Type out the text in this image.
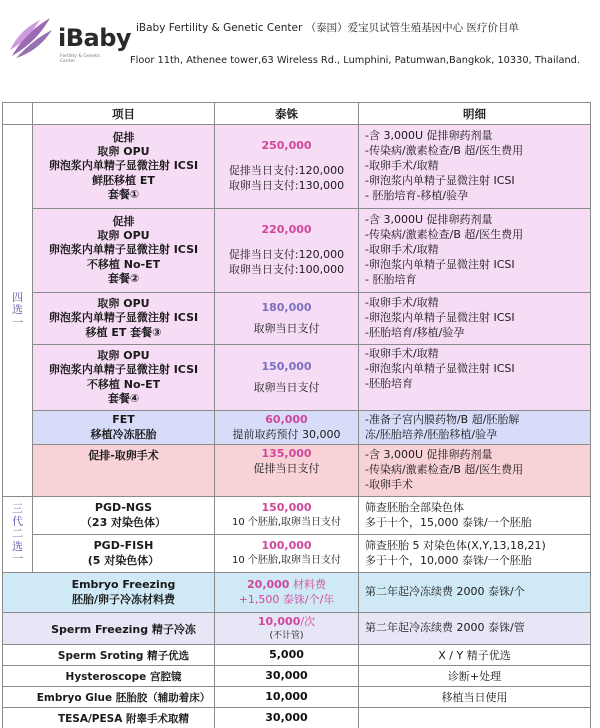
iBaby
Fertility & Genetic Center
iBaby Fertility & Genetic Center （泰国）爱宝贝试管生殖基因中心 医疗价目单
Floor 11th, Athenee tower,63 Wireless Rd., Lumphini, Patumwan,Bangkok, 10330, Thailand.
	项目	泰铢	明细

四
选
一	促排
取卵 OPU
卵泡浆内单精子显微注射 ICSI
鲜胚移植 ET
套餐①	250,000
促排当日支付:120,000
取卵当日支付:130,000	-含 3,000U 促排卵药剂量
-传染病/激素检查/B 超/医生费用
-取卵手术/取精
-卵泡浆内单精子显微注射 ICSI
- 胚胎培育-移植/验孕

	促排
取卵 OPU
卵泡浆内单精子显微注射 ICSI
不移植 No-ET
套餐②	220,000
促排当日支付:120,000
取卵当日支付:100,000	-含 3,000U 促排卵药剂量
-传染病/激素检查/B 超/医生费用
-取卵手术/取精
-卵泡浆内单精子显微注射 ICSI
- 胚胎培育

	取卵 OPU
卵泡浆内单精子显微注射 ICSI
移植 ET 套餐③	180,000
取卵当日支付	-取卵手术/取精
-卵泡浆内单精子显微注射 ICSI
-胚胎培育/移植/验孕

	取卵 OPU
卵泡浆内单精子显微注射 ICSI
不移植 No-ET
套餐④	150,000
取卵当日支付	-取卵手术/取精
-卵泡浆内单精子显微注射 ICSI
-胚胎培育

	FET
移植冷冻胚胎	60,000
提前取药预付 30,000	-准备子宫内膜药物/B 超/胚胎解
冻/胚胎培养/胚胎移植/验孕

	促排-取卵手术	135,000
促排当日支付	-含 3,000U 促排卵药剂量
-传染病/激素检查/B 超/医生费用
-取卵手术

三
代
二
选
一	PGD-NGS
（23 对染色体）	150,000
10 个胚胎,取卵当日支付	筛查胚胎全部染色体
多于十个，15,000 泰铢/一个胚胎

	PGD-FISH
(5 对染色体）	100,000
10 个胚胎,取卵当日支付	筛查胚胎 5 对染色体(X,Y,13,18,21)
多于十个，10,000 泰铢/一个胚胎

Embryo Freezing
胚胎/卵子冷冻材料费		20,000 材料费
+1,500 泰铢/个/年	第二年起冷冻续费 2000 泰铢/个

Sperm Freezing 精子冷冻		10,000/次
(不计管)	第二年起冷冻续费 2000 泰铢/管

Sperm Sroting 精子优选		5,000	X / Y 精子优选
Hysteroscope 宫腔镜		30,000	诊断+处理
Embryo Glue 胚胎胶（辅助着床）		10,000	移植当日使用
TESA/PESA 附睾手术取精		30,000	
